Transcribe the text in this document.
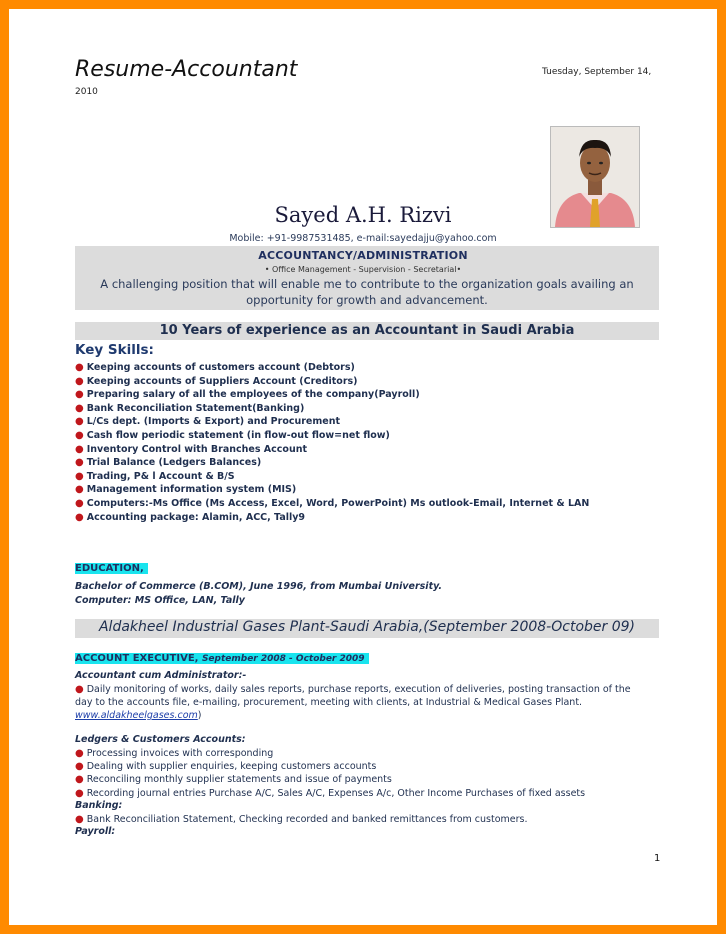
Resume-Accountant	Tuesday, September 14,
2010
Sayed A.H. Rizvi
Mobile: +91-9987531485, e-mail:sayedajju@yahoo.com
ACCOUNTANCY/ADMINISTRATION
• Office Management - Supervision - Secretarial•
A challenging position that will enable me to contribute to the organization goals availing an opportunity for growth and advancement.
10 Years of experience as an Accountant in Saudi Arabia
Key Skills:
● Keeping accounts of customers account (Debtors)
● Keeping accounts of Suppliers Account (Creditors)
● Preparing salary of all the employees of the company(Payroll)
● Bank Reconciliation Statement(Banking)
● L/Cs dept. (Imports & Export) and Procurement
● Cash flow periodic statement (in flow-out flow=net flow)
● Inventory Control with Branches Account
● Trial Balance (Ledgers Balances)
● Trading, P& l Account & B/S
● Management information system (MIS)
● Computers:-Ms Office (Ms Access, Excel, Word, PowerPoint) Ms outlook-Email, Internet & LAN
● Accounting package: Alamin, ACC, Tally9
EDUCATION,
Bachelor of Commerce (B.COM), June 1996, from Mumbai University.
Computer: MS Office, LAN, Tally
Aldakheel Industrial Gases Plant-Saudi Arabia,(September 2008-October 09)
ACCOUNT EXECUTIVE, September 2008 - October 2009
Accountant cum Administrator:-
● Daily monitoring of works, daily sales reports, purchase reports, execution of deliveries, posting transaction of the
day to the accounts file, e-mailing, procurement, meeting with clients, at Industrial & Medical Gases Plant.
www.aldakheelgases.com)
Ledgers & Customers Accounts:
● Processing invoices with corresponding
● Dealing with supplier enquiries, keeping customers accounts
● Reconciling monthly supplier statements and issue of payments
● Recording journal entries Purchase A/C, Sales A/C, Expenses A/c, Other Income Purchases of fixed assets
Banking:
● Bank Reconciliation Statement, Checking recorded and banked remittances from customers.
Payroll:
1
